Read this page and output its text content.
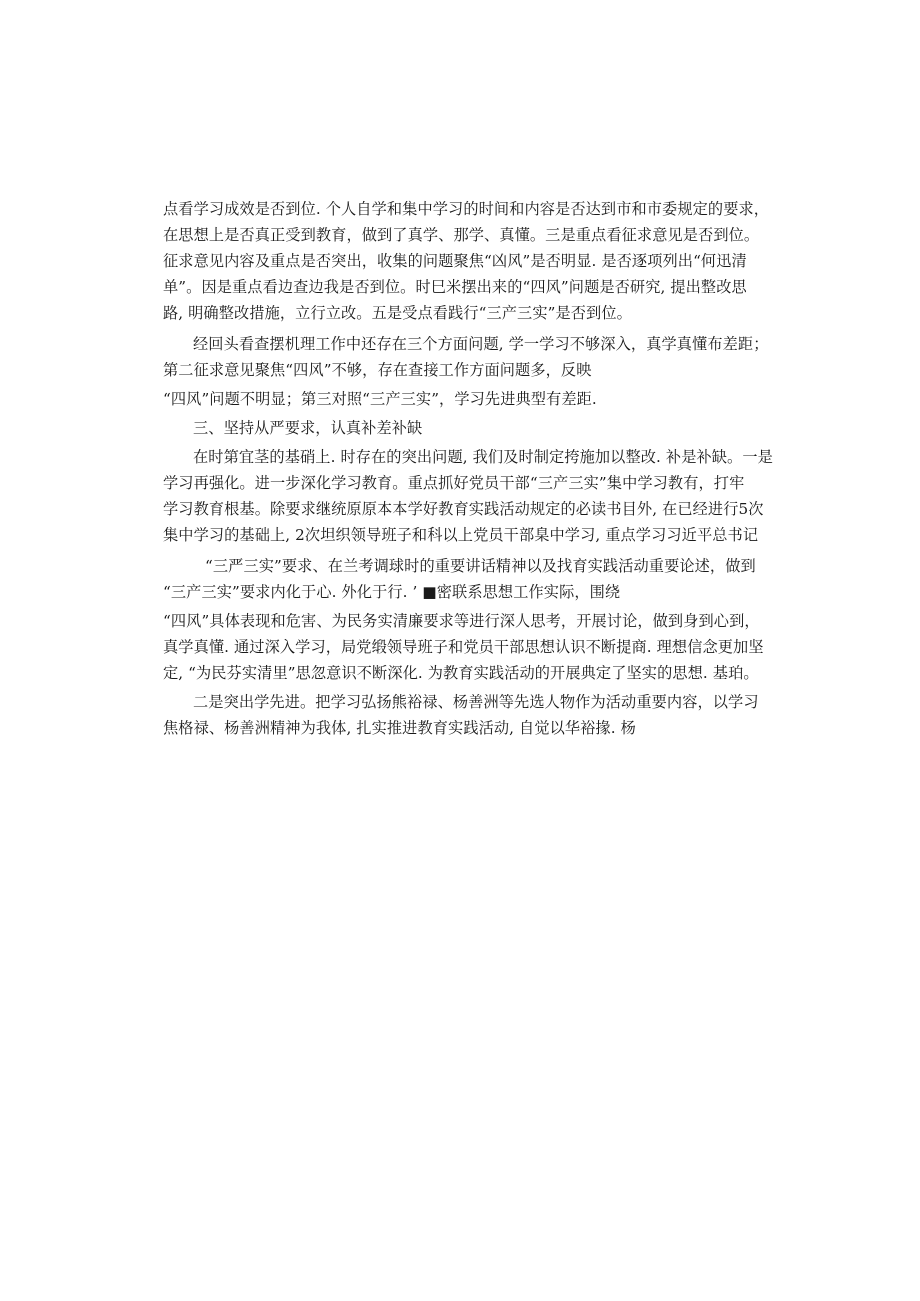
点看学习成效是否到位. 个人自学和集中学习的时间和内容是否达到市和市委规定的要求，

在思想上是否真正受到教育，做到了真学、那学、真懂。三是重点看征求意见是否到位。

征求意见内容及重点是否突出，收集的问题聚焦“凶风”是否明显. 是否逐项列出“何迅清

单”。因是重点看边查边我是否到位。时巳米摆出来的“四风”问题是否研究, 提出整改思

路, 明确整改措施，立行立改。五是受点看践行“三产三实”是否到位。

经回头看查摆机理工作中还存在三个方面问题, 学一学习不够深入，真学真懂布差距；

第二征求意见聚焦“四风”不够，存在查接工作方面问题多，反映

“四风”问题不明显；第三对照“三产三实”，学习先进典型有差距.

三、坚持从严要求，认真补差补缺

在时第宜茎的基硝上. 时存在的突出问题, 我们及时制定挎施加以整改. 补是补缺。一是

学习再强化。进一步深化学习教育。重点抓好党员干部“三产三实”集中学习教有，打牢

学习教育根基。除要求继统原原本本学好教育实践活动规定的必读书目外, 在已经进行5次

集中学习的基础上, 2次坦织领导班子和科以上党员干部臬中学习, 重点学习习近平总书记

“三严三实”要求、在兰考调球时的重要讲话精神以及找育实践活动重要论述，做到

“三产三实”要求内化于心. 外化于行. ’ ■密联系思想工作实际，围绕

“四风”具体表现和危害、为民务实清廉要求等进行深人思考，开展讨论，做到身到心到，

真学真懂. 通过深入学习，局党缎领导班子和党员干部思想认识不断提商. 理想信念更加坚

定, “为民芬实清里”思忽意识不断深化. 为教育实践活动的开展典定了坚实的思想. 基珀。

二是突出学先进。把学习弘扬熊裕禄、杨善洲等先选人物作为活动重要内容，以学习

焦格禄、杨善洲精神为我体, 扎实推进教育实践活动, 自觉以华裕掾. 杨
